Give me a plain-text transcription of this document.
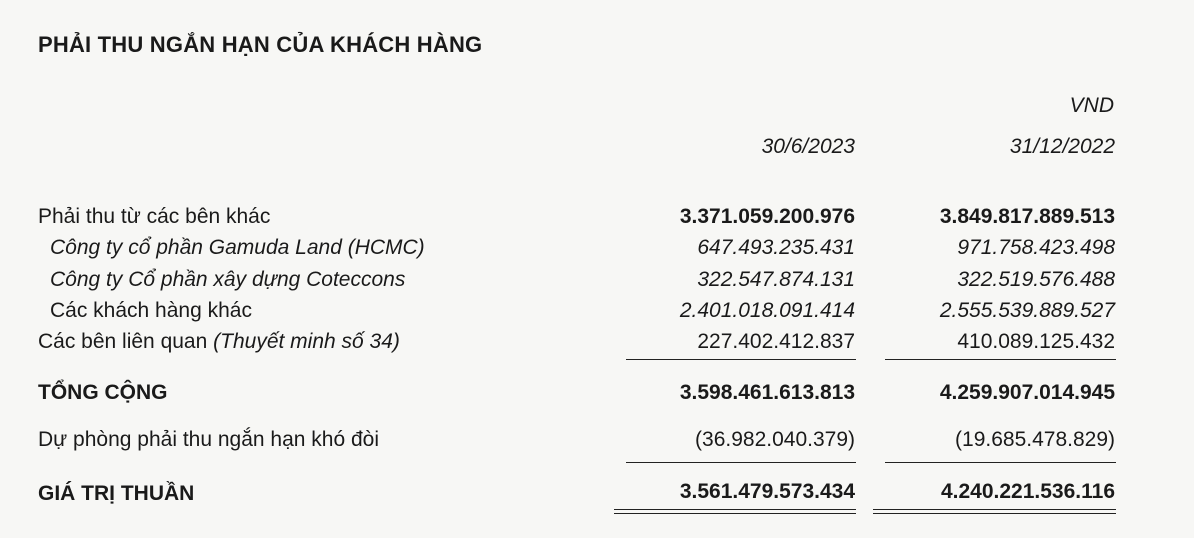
PHẢI THU NGẮN HẠN CỦA KHÁCH HÀNG
VND
30/6/2023	31/12/2022
Phải thu từ các bên khác	3.371.059.200.976	3.849.817.889.513
Công ty cổ phần Gamuda Land (HCMC)	647.493.235.431	971.758.423.498
Công ty Cổ phần xây dựng Coteccons	322.547.874.131	322.519.576.488
Các khách hàng khác	2.401.018.091.414	2.555.539.889.527
Các bên liên quan (Thuyết minh số 34)	227.402.412.837	410.089.125.432
TỔNG CỘNG	3.598.461.613.813	4.259.907.014.945
Dự phòng phải thu ngắn hạn khó đòi	(36.982.040.379)	(19.685.478.829)
GIÁ TRỊ THUẦN	3.561.479.573.434	4.240.221.536.116
